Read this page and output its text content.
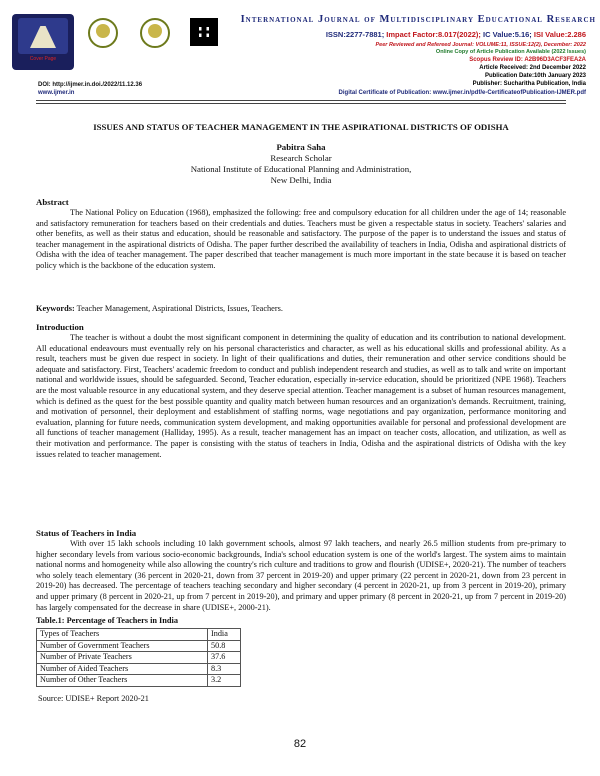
Cover Page
International Journal of Multidisciplinary Educational Research
ISSN:2277-7881; Impact Factor:8.017(2022); IC Value:5.16; ISI Value:2.286
Peer Reviewed and Refereed Journal: VOLUME:11, ISSUE:12(2), December: 2022
Online Copy of Article Publication Available (2022 Issues)
Scopus Review ID: A2B96D3ACF3FEA2A
Article Received: 2nd December 2022
Publication Date:10th January 2023
Publisher: Sucharitha Publication, India
Digital Certificate of Publication: www.ijmer.in/pdf/e-CertificateofPublication-IJMER.pdf
DOI: http://ijmer.in.doi./2022/11.12.36
www.ijmer.in
ISSUES AND STATUS OF TEACHER MANAGEMENT IN THE ASPIRATIONAL DISTRICTS OF ODISHA
Pabitra Saha
Research Scholar
National Institute of Educational Planning and Administration,
New Delhi, India
Abstract

The National Policy on Education (1968), emphasized the following: free and compulsory education for all children under the age of 14; reasonable and satisfactory remuneration for teachers based on their credentials and duties. Teachers must be given a respectable status in society. Teachers' salaries and other benefits, as well as their status and education, should be reasonable and satisfactory. The purpose of the paper is to understand the issues and status of teacher management in the aspirational districts of Odisha. The paper further described the availability of teachers in India, Odisha and aspirational districts of Odisha with the idea of teacher management. The paper described that teacher management is much more important in the state because it is based on teacher policy which is the backbone of the education system.

Keywords: Teacher Management, Aspirational Districts, Issues, Teachers.
Introduction

The teacher is without a doubt the most significant component in determining the quality of education and its contribution to national development. All educational endeavours must eventually rely on his personal characteristics and character, as well as his educational skills and professional ability. As a result, teachers must be given due respect in society. In light of their qualifications and duties, their remuneration and other service conditions should be adequate and satisfactory. First, Teachers' academic freedom to conduct and publish independent research and studies, as well as to talk and write on important national and worldwide issues, should be safeguarded. Second, Teacher education, especially in-service education, should be prioritized (NPE 1968). Teachers are the most valuable resource in any educational system, and they deserve special attention. Teacher management is a subset of human resources management, which is defined as the quest for the best possible quantity and quality match between human resources and an organization's demands. Recruitment, training, and motivation of personnel, their deployment and establishment of staffing norms, wage negotiations and pay organization, performance monitoring and evaluation, planning for future needs, communication system development, and making opportunities available for personal and professional development are all functions of teacher management (Halliday, 1995). As a result, teacher management has an impact on teacher costs, allocation, and utilization, as well as their motivation and performance. The paper is consisting with the status of teachers in India, Odisha and the aspirational districts of Odisha with the key issues related to teacher management.

Status of Teachers in India

With over 15 lakh schools including 10 lakh government schools, almost 97 lakh teachers, and nearly 26.5 million students from pre-primary to higher secondary levels from various socio-economic backgrounds, India's school education system is one of the world's largest. The system aims to maintain national norms and homogeneity while also allowing the country's rich culture and traditions to grow and flourish (UDISE+, 2020-21). The number of teachers who solely teach elementary (36 percent in 2020-21, down from 37 percent in 2019-20) and upper primary (22 percent in 2020-21, down from 23 percent in 2019-20) has decreased. The percentage of teachers teaching secondary and higher secondary (4 percent in 2020-21, up from 3 percent in 2019-20), primary and upper primary (8 percent in 2020-21, up from 7 percent in 2019-20), and primary and upper primary (8 percent in 2020-21, up from 7 percent in 2019-20) has largely compensated for the decrease in share (UDISE+, 2000-21).

Table.1: Percentage of Teachers in India
Types of Teachers	India
Number of Government Teachers	50.8
Number of Private Teachers	37.6
Number of Aided Teachers	8.3
Number of Other Teachers	3.2
Source: UDISE+ Report 2020-21
82
